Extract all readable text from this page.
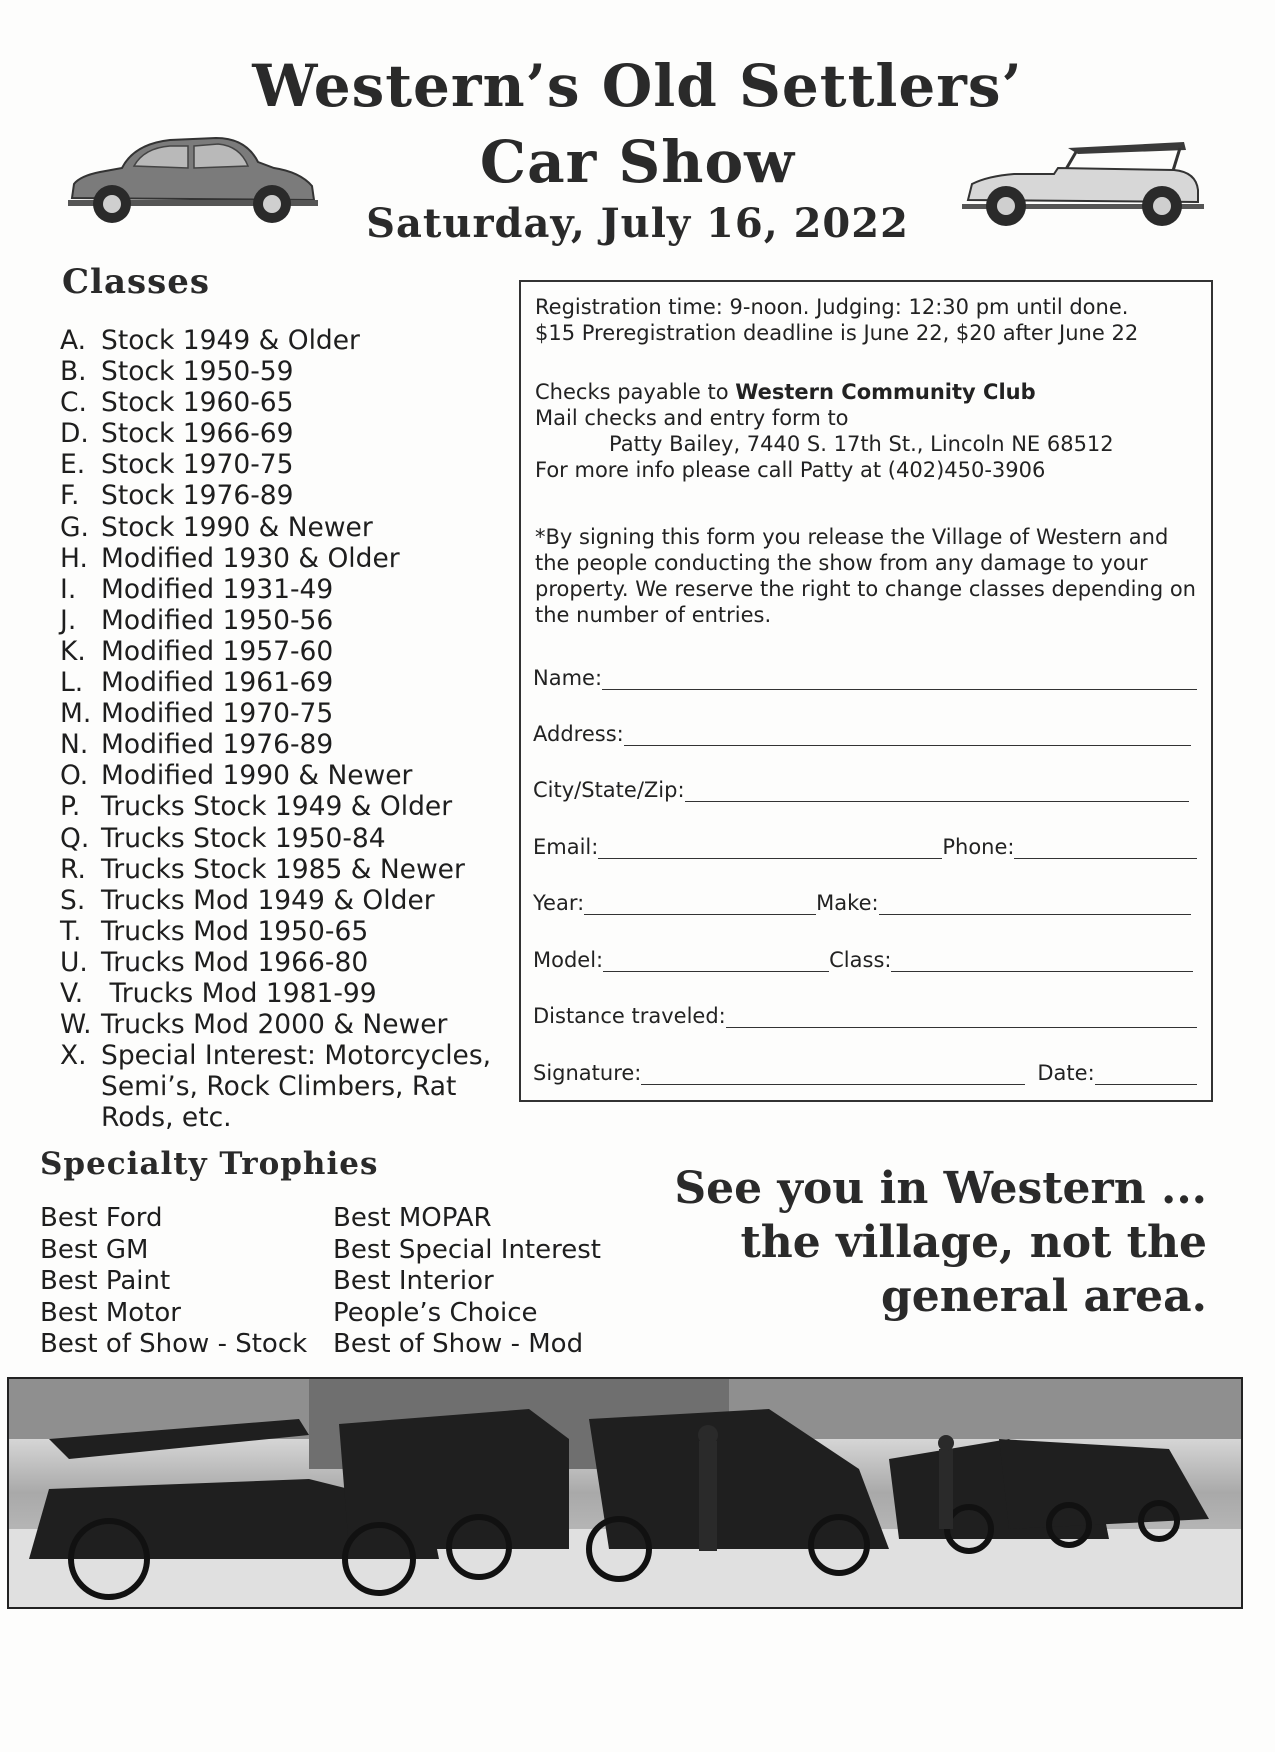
Western’s Old Settlers’
Car Show
Saturday, July 16, 2022
Classes
A. Stock 1949 & Older
B. Stock 1950-59
C. Stock 1960-65
D. Stock 1966-69
E. Stock 1970-75
F. Stock 1976-89
G. Stock 1990 & Newer
H. Modified 1930 & Older
I. Modified 1931-49
J. Modified 1950-56
K. Modified 1957-60
L. Modified 1961-69
M. Modified 1970-75
N. Modified 1976-89
O. Modified 1990 & Newer
P. Trucks Stock 1949 & Older
Q. Trucks Stock 1950-84
R. Trucks Stock 1985 & Newer
S. Trucks Mod 1949 & Older
T. Trucks Mod 1950-65
U. Trucks Mod 1966-80
V. Trucks Mod 1981-99
W. Trucks Mod 2000 & Newer
X. Special Interest: Motorcycles, Semi’s, Rock Climbers, Rat Rods, etc.
Registration time: 9-noon. Judging: 12:30 pm until done.
$15 Preregistration deadline is June 22, $20 after June 22
Checks payable to Western Community Club
Mail checks and entry form to
Patty Bailey, 7440 S. 17th St., Lincoln NE 68512
For more info please call Patty at (402)450-3906
*By signing this form you release the Village of Western and the people conducting the show from any damage to your property. We reserve the right to change classes depending on the number of entries.
Name:
Address:
City/State/Zip:
Email:	Phone:
Year:	Make:
Model:	Class:
Distance traveled:
Signature:	Date:
Specialty Trophies
Best Ford
Best GM
Best Paint
Best Motor
Best of Show - Stock
Best MOPAR
Best Special Interest
Best Interior
People’s Choice
Best of Show - Mod
See you in Western ...
the village, not the
general area.
